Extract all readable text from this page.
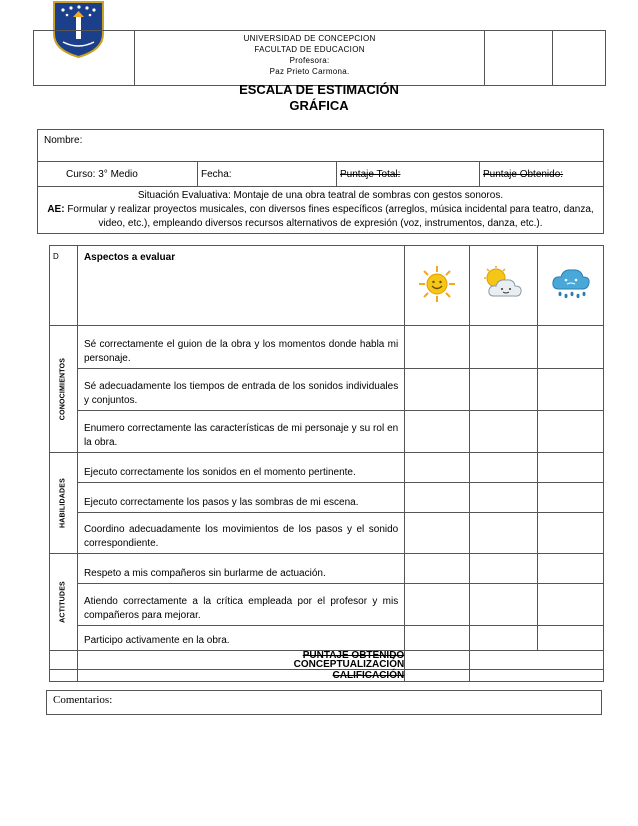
UNIVERSIDAD DE CONCEPCION
FACULTAD DE EDUCACION
Profesora:
Paz Prieto Carmona.

ESCALA DE ESTIMACIÓN
GRÁFICA
Nombre:
Curso: 3° Medio	Fecha:	Puntaje Total:	Puntaje Obtenido:

Situación Evaluativa: Montaje de una obra teatral de sombras con gestos sonoros.
AE: Formular y realizar proyectos musicales, con diversos fines específicos (arreglos, música incidental para teatro, danza, video, etc.), empleando diversos recursos alternativos de expresión (voz, instrumentos, danza, etc.).
D	Aspectos a evaluar			

CONOCIMIENTOS	Sé correctamente el guion de la obra y los momentos donde habla mi personaje.			
	Sé adecuadamente los tiempos de entrada de los sonidos individuales y conjuntos.			
	Enumero correctamente las características de mi personaje y su rol en la obra.			

HABILIDADES	Ejecuto correctamente los sonidos en el momento pertinente.			
	Ejecuto correctamente los pasos y las sombras de mi escena.			
	Coordino adecuadamente los movimientos de los pasos y el sonido correspondiente.			

ACTITUDES	Respeto a mis compañeros sin burlarme de actuación.			
	Atiendo correctamente a la crítica empleada por el profesor y mis compañeros para mejorar.			
	Participo activamente en la obra.			

	PUNTAJE OBTENIDO
CONCEPTUALIZACIÓN			

	CALIFICACIÓN			
Comentarios:
